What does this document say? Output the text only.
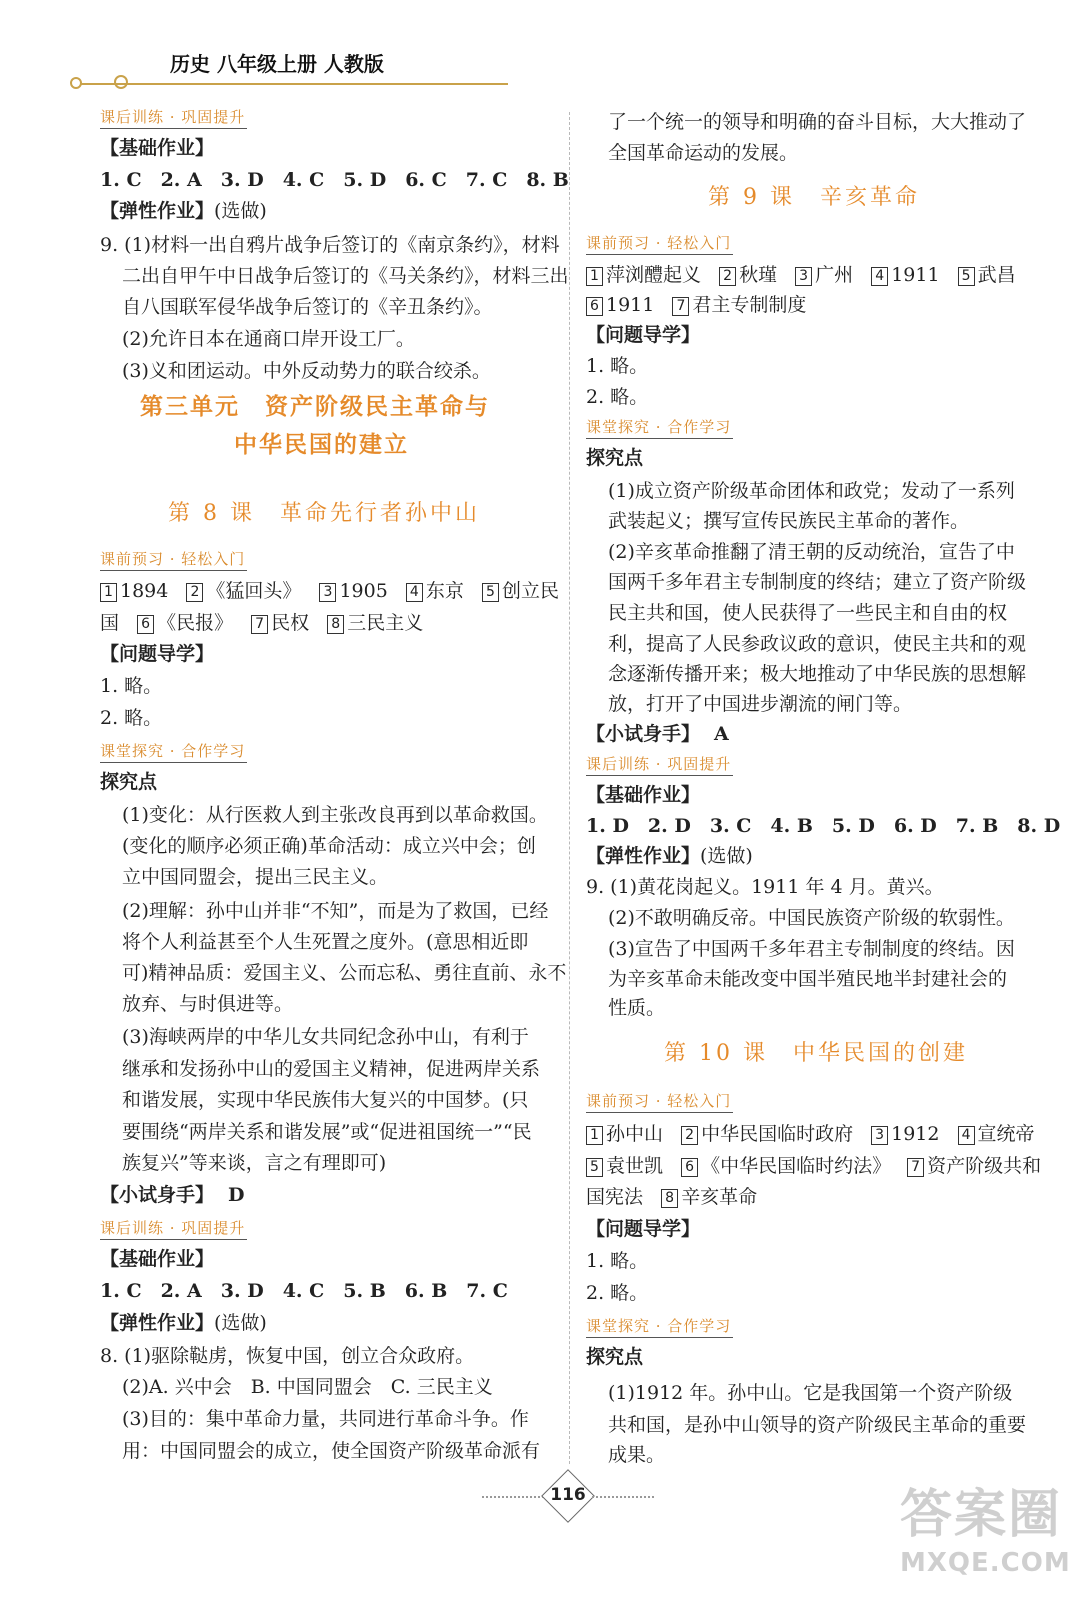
历史 八年级上册 人教版
课后训练 · 巩固提升
【基础作业】
1. C　2. A　3. D　4. C　5. D　6. C　7. C　8. B
【弹性作业】(选做)
9. (1)材料一出自鸦片战争后签订的《南京条约》，材料
二出自甲午中日战争后签订的《马关条约》，材料三出
自八国联军侵华战争后签订的《辛丑条约》。
(2)允许日本在通商口岸开设工厂。
(3)义和团运动。中外反动势力的联合绞杀。
第三单元　资产阶级民主革命与
中华民国的建立
第 8 课　革命先行者孙中山
课前预习 · 轻松入门
1 1894 2 《猛回头》 3 1905 4 东京 5 创立民
国 6 《民报》 7 民权 8 三民主义
【问题导学】
1. 略。
2. 略。
课堂探究 · 合作学习
探究点
(1)变化：从行医救人到主张改良再到以革命救国。
(变化的顺序必须正确)革命活动：成立兴中会；创
立中国同盟会，提出三民主义。
(2)理解：孙中山并非“不知”，而是为了救国，已经
将个人利益甚至个人生死置之度外。(意思相近即
可)精神品质：爱国主义、公而忘私、勇往直前、永不
放弃、与时俱进等。
(3)海峡两岸的中华儿女共同纪念孙中山，有利于
继承和发扬孙中山的爱国主义精神，促进两岸关系
和谐发展，实现中华民族伟大复兴的中国梦。(只
要围绕“两岸关系和谐发展”或“促进祖国统一”“民
族复兴”等来谈，言之有理即可)
【小试身手】 D
课后训练 · 巩固提升
【基础作业】
1. C　2. A　3. D　4. C　5. B　6. B　7. C
【弹性作业】(选做)
8. (1)驱除鞑虏，恢复中国，创立合众政府。
(2)A. 兴中会　B. 中国同盟会　C. 三民主义
(3)目的：集中革命力量，共同进行革命斗争。作
用：中国同盟会的成立，使全国资产阶级革命派有
了一个统一的领导和明确的奋斗目标，大大推动了
全国革命运动的发展。
第 9 课　辛亥革命
课前预习 · 轻松入门
1 萍浏醴起义 2 秋瑾 3 广州 4 1911 5 武昌
6 1911 7 君主专制制度
【问题导学】
1. 略。
2. 略。
课堂探究 · 合作学习
探究点
(1)成立资产阶级革命团体和政党；发动了一系列
武装起义；撰写宣传民族民主革命的著作。
(2)辛亥革命推翻了清王朝的反动统治，宣告了中
国两千多年君主专制制度的终结；建立了资产阶级
民主共和国，使人民获得了一些民主和自由的权
利，提高了人民参政议政的意识，使民主共和的观
念逐渐传播开来；极大地推动了中华民族的思想解
放，打开了中国进步潮流的闸门等。
【小试身手】 A
课后训练 · 巩固提升
【基础作业】
1. D　2. D　3. C　4. B　5. D　6. D　7. B　8. D
【弹性作业】(选做)
9. (1)黄花岗起义。1911 年 4 月。黄兴。
(2)不敢明确反帝。中国民族资产阶级的软弱性。
(3)宣告了中国两千多年君主专制制度的终结。因
为辛亥革命未能改变中国半殖民地半封建社会的
性质。
第 10 课　中华民国的创建
课前预习 · 轻松入门
1 孙中山 2 中华民国临时政府 3 1912 4 宣统帝
5 袁世凯 6 《中华民国临时约法》 7 资产阶级共和
国宪法 8 辛亥革命
【问题导学】
1. 略。
2. 略。
课堂探究 · 合作学习
探究点
(1)1912 年。孙中山。它是我国第一个资产阶级
共和国，是孙中山领导的资产阶级民主革命的重要
成果。
116	答案圈
MXQE.COM
